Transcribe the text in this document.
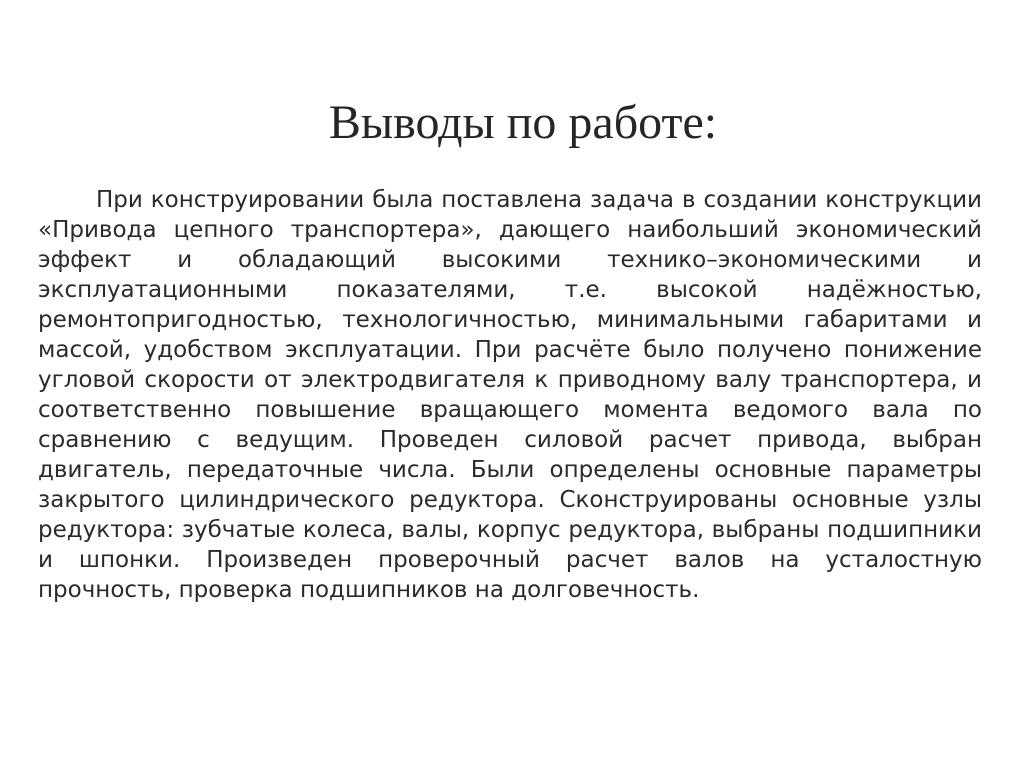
Выводы по работе:

При конструировании была поставлена задача в создании конструкции «Привода цепного транспортера», дающего наибольший экономический эффект и обладающий высокими технико–экономическими и эксплуатационными показателями, т.е. высокой надёжностью, ремонтопригодностью, технологичностью, минимальными габаритами и массой, удобством эксплуатации. При расчёте было получено понижение угловой скорости от электродвигателя к приводному валу транспортера, и соответственно повышение вращающего момента ведомого вала по сравнению с ведущим. Проведен силовой расчет привода, выбран двигатель, передаточные числа. Были определены основные параметры закрытого цилиндрического редуктора. Сконструированы основные узлы редуктора: зубчатые колеса, валы, корпус редуктора, выбраны подшипники и шпонки. Произведен проверочный расчет валов на усталостную прочность, проверка подшипников на долговечность.
